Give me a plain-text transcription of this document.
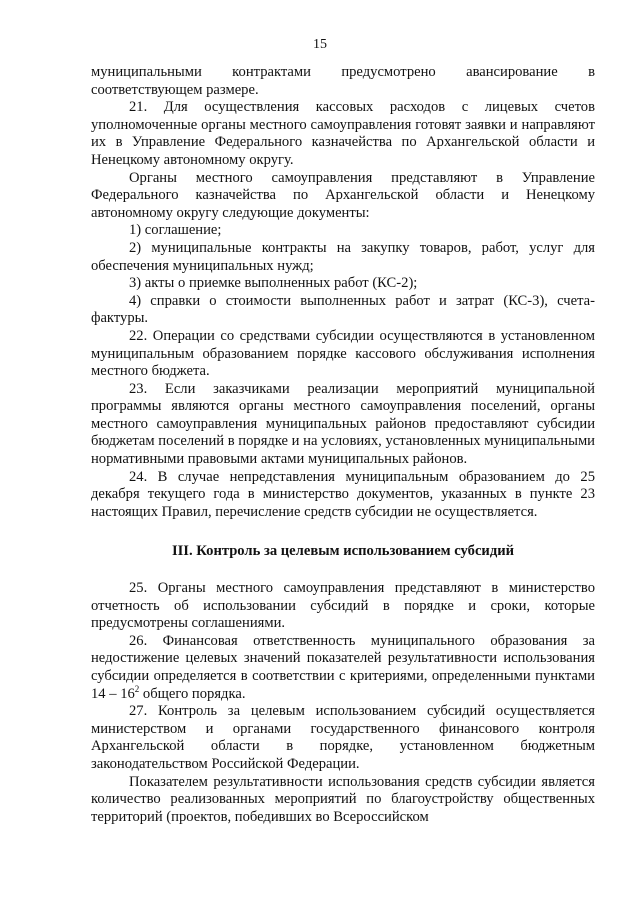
15

муниципальными контрактами предусмотрено авансирование в соответствующем размере.

21. Для осуществления кассовых расходов с лицевых счетов уполномоченные органы местного самоуправления готовят заявки и направляют их в Управление Федерального казначейства по Архангельской области и Ненецкому автономному округу.

Органы местного самоуправления представляют в Управление Федерального казначейства по Архангельской области и Ненецкому автономному округу следующие документы:

1) соглашение;

2) муниципальные контракты на закупку товаров, работ, услуг для обеспечения муниципальных нужд;

3) акты о приемке выполненных работ (КС-2);

4) справки о стоимости выполненных работ и затрат (КС-3), счета-фактуры.

22. Операции со средствами субсидии осуществляются в установленном муниципальным образованием порядке кассового обслуживания исполнения местного бюджета.

23. Если заказчиками реализации мероприятий муниципальной программы являются органы местного самоуправления поселений, органы местного самоуправления муниципальных районов предоставляют субсидии бюджетам поселений в порядке и на условиях, установленных муниципальными нормативными правовыми актами муниципальных районов.

24. В случае непредставления муниципальным образованием до 25 декабря текущего года в министерство документов, указанных в пункте 23 настоящих Правил, перечисление средств субсидии не осуществляется.

III. Контроль за целевым использованием субсидий

25. Органы местного самоуправления представляют в министерство отчетность об использовании субсидий в порядке и сроки, которые предусмотрены соглашениями.

26. Финансовая ответственность муниципального образования за недостижение целевых значений показателей результативности использования субсидии определяется в соответствии с критериями, определенными пунктами $14 - 16^2$ общего порядка.

27. Контроль за целевым использованием субсидий осуществляется министерством и органами государственного финансового контроля Архангельской области в порядке, установленном бюджетным законодательством Российской Федерации.

Показателем результативности использования средств субсидии является количество реализованных мероприятий по благоустройству общественных территорий (проектов, победивших во Всероссийском
